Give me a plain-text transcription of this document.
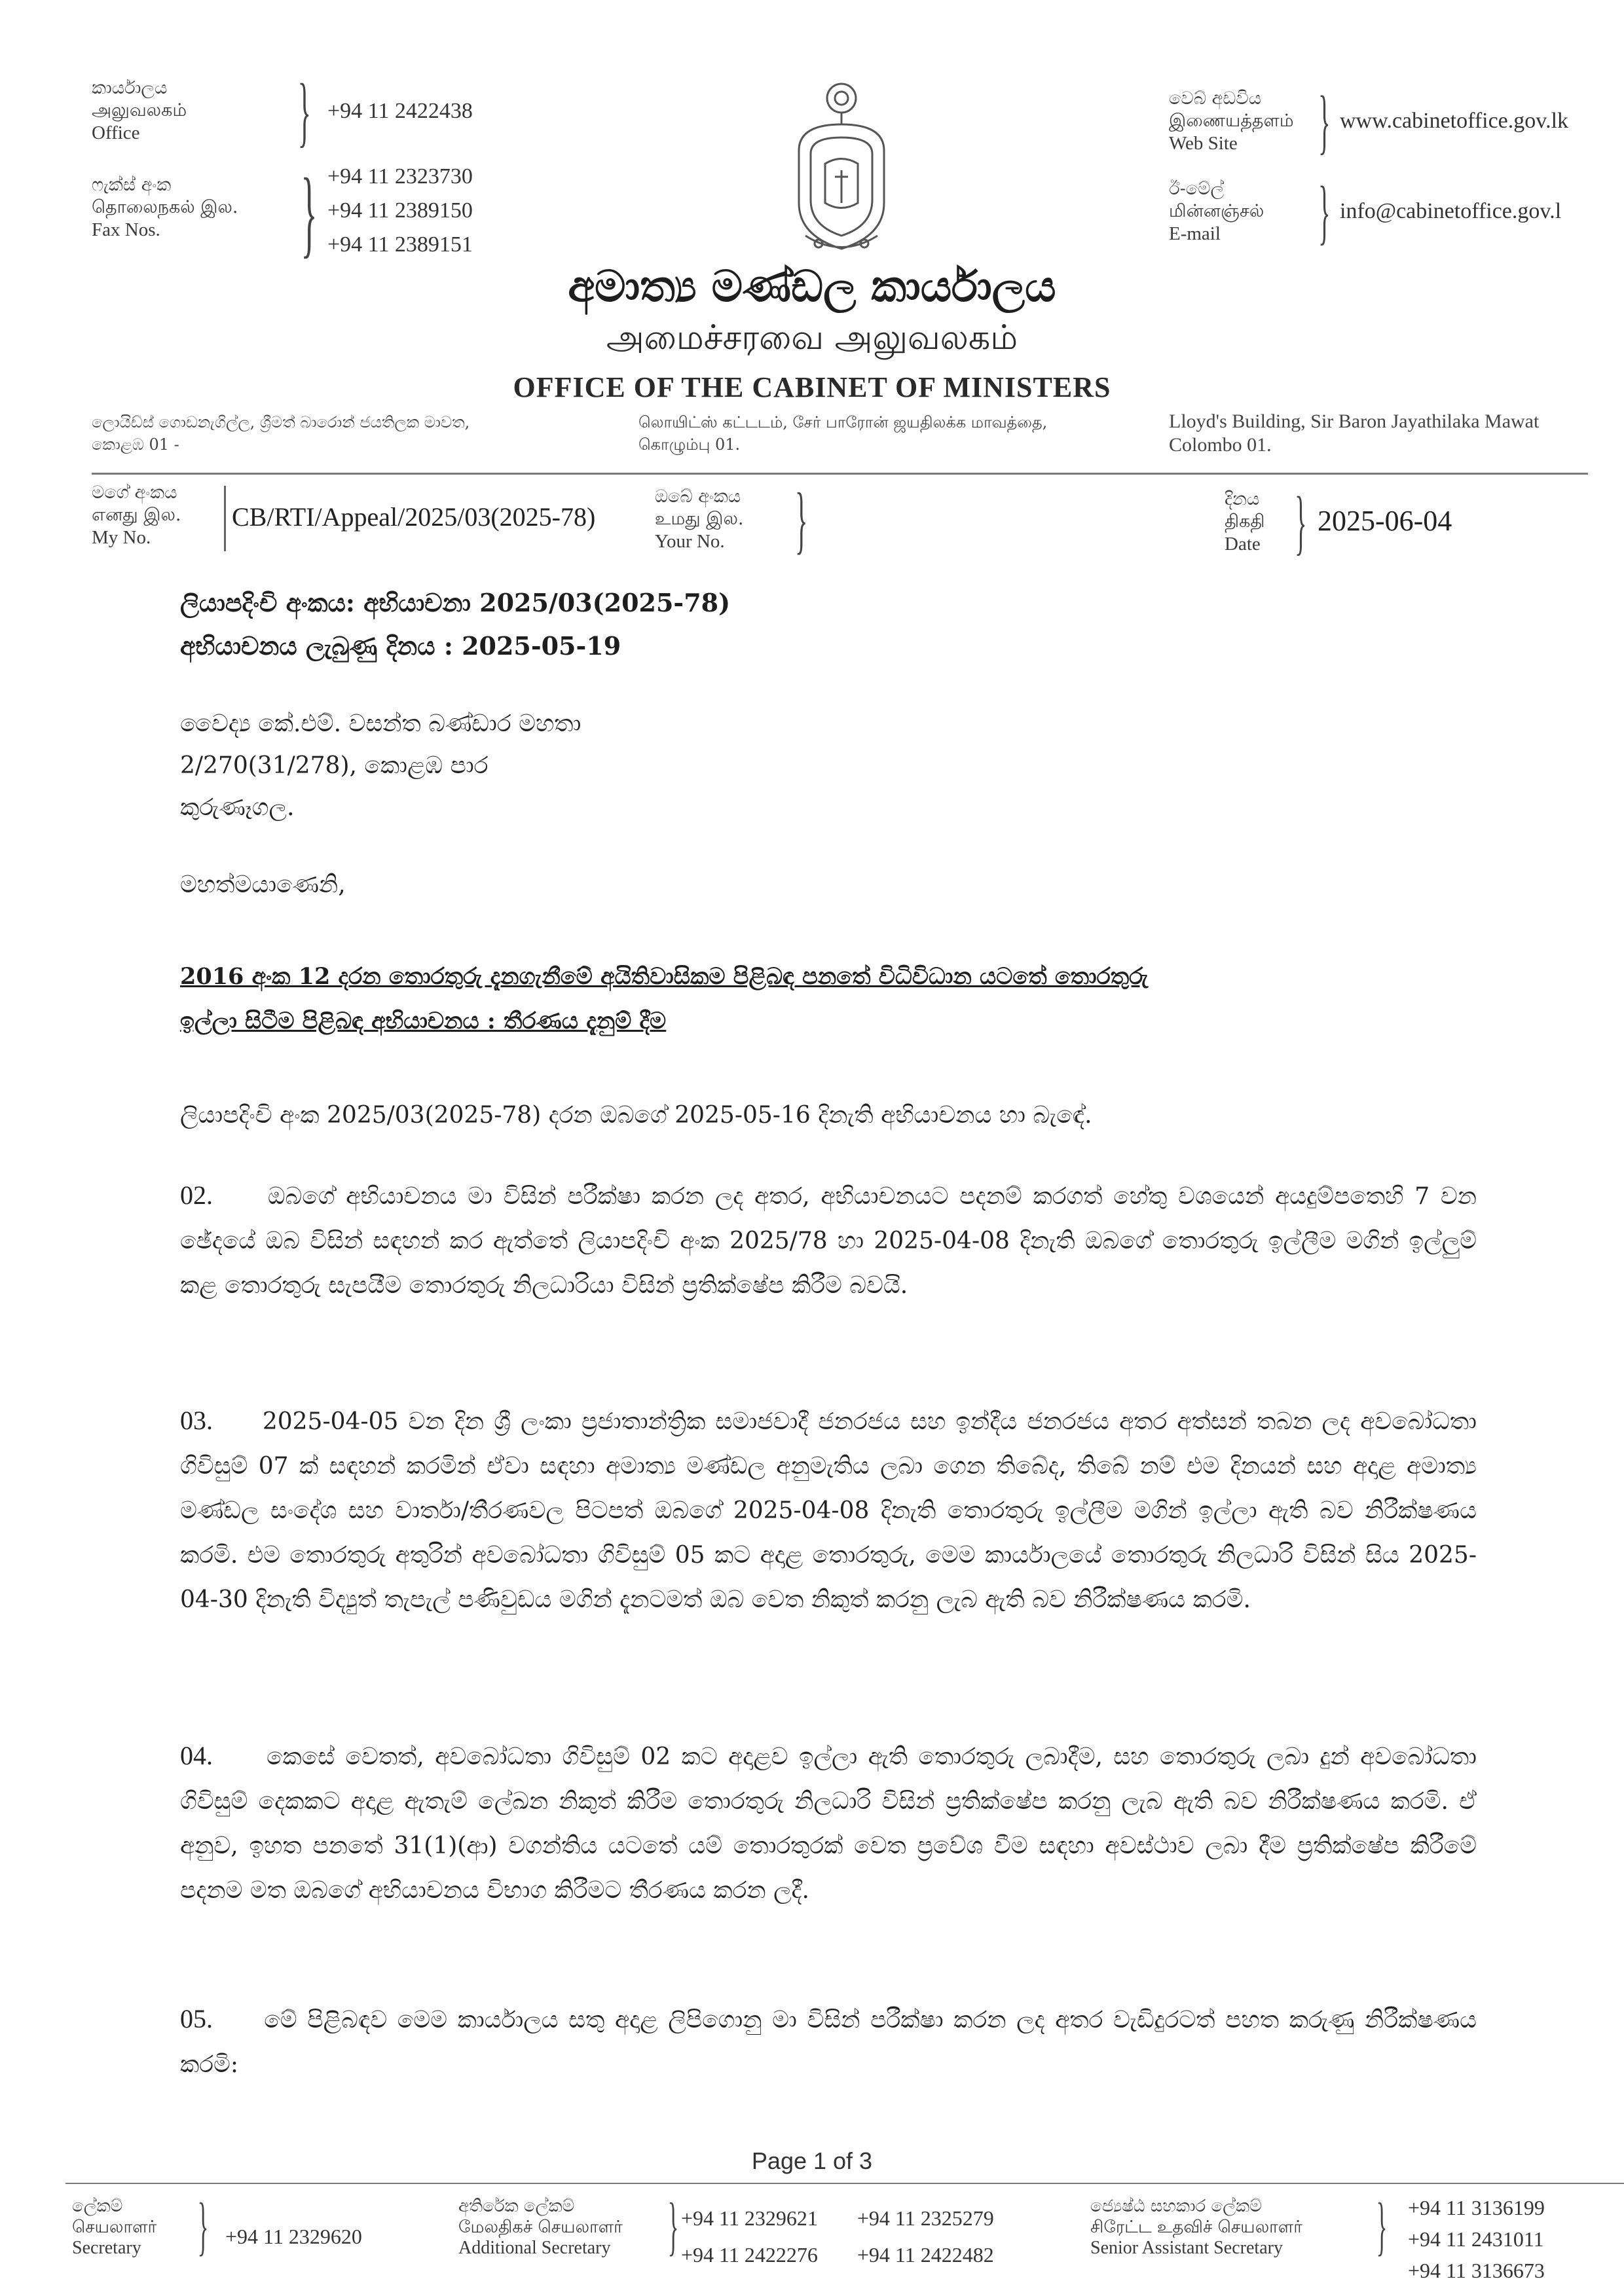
කාර්යාලය
அலுவலகம்
Office	} +94 11 2422438
ෆැක්ස් අංක
தொலைநகல் இல.
Fax Nos.	} +94 11 2323730
+94 11 2389150
+94 11 2389151
වෙබ් අඩවිය
இணையத்தளம்
Web Site	} www.cabinetoffice.gov.lk
ඊ-මේල්
மின்னஞ்சல்
E-mail	} info@cabinetoffice.gov.l
අමාත්‍ය මණ්ඩල කාර්යාලය
அமைச்சரவை அலுவலகம்
OFFICE OF THE CABINET OF MINISTERS
ලොයිඩ්ස් ගොඩනැගිල්ල, ශ්‍රීමත් බාරොන් ජයතිලක මාවත,
කොළඹ 01 -
லொயிட்ஸ் கட்டடம், சேர் பாரோன் ஜயதிலக்க மாவத்தை,
கொழும்பு 01.
Lloyd's Building, Sir Baron Jayathilaka Mawat
Colombo 01.
මගේ අංකය
எனது இல.
My No.
CB/RTI/Appeal/2025/03(2025-78)
ඔබේ අංකය
உமது இல.
Your No. }	දිනය
திகதி
Date } 2025-06-04
ලියාපදිංචි අංකය: අභියාචනා 2025/03(2025-78)
අභියාචනය ලැබුණු දිනය : 2025-05-19
වෛද්‍ය කේ.එම්. වසන්ත බණ්ඩාර මහතා
2/270(31/278), කොළඹ පාර
කුරුණෑගල.
මහත්මයාණෙනි,
2016 අංක 12 දරන තොරතුරු දැනගැනීමේ අයිතිවාසිකම පිළිබඳ පනතේ විධිවිධාන යටතේ තොරතුරු
ඉල්ලා සිටීම පිළිබඳ අභියාචනය : තීරණය දැනුම් දීම
ලියාපදිංචි අංක 2025/03(2025-78) දරන ඔබගේ 2025-05-16 දිනැති අභියාචනය හා බැඳේ.

02. ඔබගේ අභියාචනය මා විසින් පරීක්ෂා කරන ලද අතර, අභියාචනයට පදනම් කරගත් හේතු වශයෙන් අයදුම්පතෙහි 7 වන ඡේදයේ ඔබ විසින් සඳහන් කර ඇත්තේ ලියාපදිංචි අංක 2025/78 හා 2025-04-08 දිනැති ඔබගේ තොරතුරු ඉල්ලීම මගින් ඉල්ලුම් කළ තොරතුරු සැපයීම තොරතුරු නිලධාරියා විසින් ප්‍රතික්ෂේප කිරීම බවයි.

03. 2025-04-05 වන දින ශ්‍රී ලංකා ප්‍රජාතාන්ත්‍රික සමාජවාදී ජනරජය සහ ඉන්දීය ජනරජය අතර අත්සන් තබන ලද අවබෝධතා ගිවිසුම් 07 ක් සඳහන් කරමින් ඒවා සඳහා අමාත්‍ය මණ්ඩල අනුමැතිය ලබා ගෙන තිබේද, තිබේ නම් එම දිනයන් සහ අදාළ අමාත්‍ය මණ්ඩල සංදේශ සහ වාර්තා/තීරණවල පිටපත් ඔබගේ 2025-04-08 දිනැති තොරතුරු ඉල්ලීම මගින් ඉල්ලා ඇති බව නිරීක්ෂණය කරමි. එම තොරතුරු අතුරින් අවබෝධතා ගිවිසුම් 05 කට අදාළ තොරතුරු, මෙම කාර්යාලයේ තොරතුරු නිලධාරි විසින් සිය 2025-04-30 දිනැති විද්‍යුත් තැපැල් පණිවුඩය මගින් දැනටමත් ඔබ වෙත නිකුත් කරනු ලැබ ඇති බව නිරීක්ෂණය කරමි.

04. කෙසේ වෙතත්, අවබෝධතා ගිවිසුම් 02 කට අදාළව ඉල්ලා ඇති තොරතුරු ලබාදීම, සහ තොරතුරු ලබා දුන් අවබෝධතා ගිවිසුම් දෙකකට අදාළ ඇතැම් ලේඛන නිකුත් කිරීම තොරතුරු නිලධාරි විසින් ප්‍රතික්ෂේප කරනු ලැබ ඇති බව නිරීක්ෂණය කරමි. ඒ අනුව, ඉහත පනතේ 31(1)(ආ) වගන්තිය යටතේ යම් තොරතුරක් වෙත ප්‍රවේශ වීම සඳහා අවස්ථාව ලබා දීම ප්‍රතික්ෂේප කිරීමේ පදනම මත ඔබගේ අභියාචනය විභාග කිරීමට තීරණය කරන ලදී.

05. මේ පිළිබඳව මෙම කාර්යාලය සතු අදාළ ලිපිගොනු මා විසින් පරීක්ෂා කරන ලද අතර වැඩිදුරටත් පහත කරුණු නිරීක්ෂණය කරමි:

Page 1 of 3
ලේකම්
செயலாளர்
Secretary } +94 11 2329620
අතිරේක ලේකම්
மேலதிகச் செயலாளர்
Additional Secretary } +94 11 2329621 +94 11 2325279
+94 11 2422276 +94 11 2422482
ජ්‍යෙෂ්ඨ සහකාර ලේකම්
சிரேட்ட உதவிச் செயலாளர்
Senior Assistant Secretary	} +94 11 3136199
+94 11 2431011
+94 11 3136673
